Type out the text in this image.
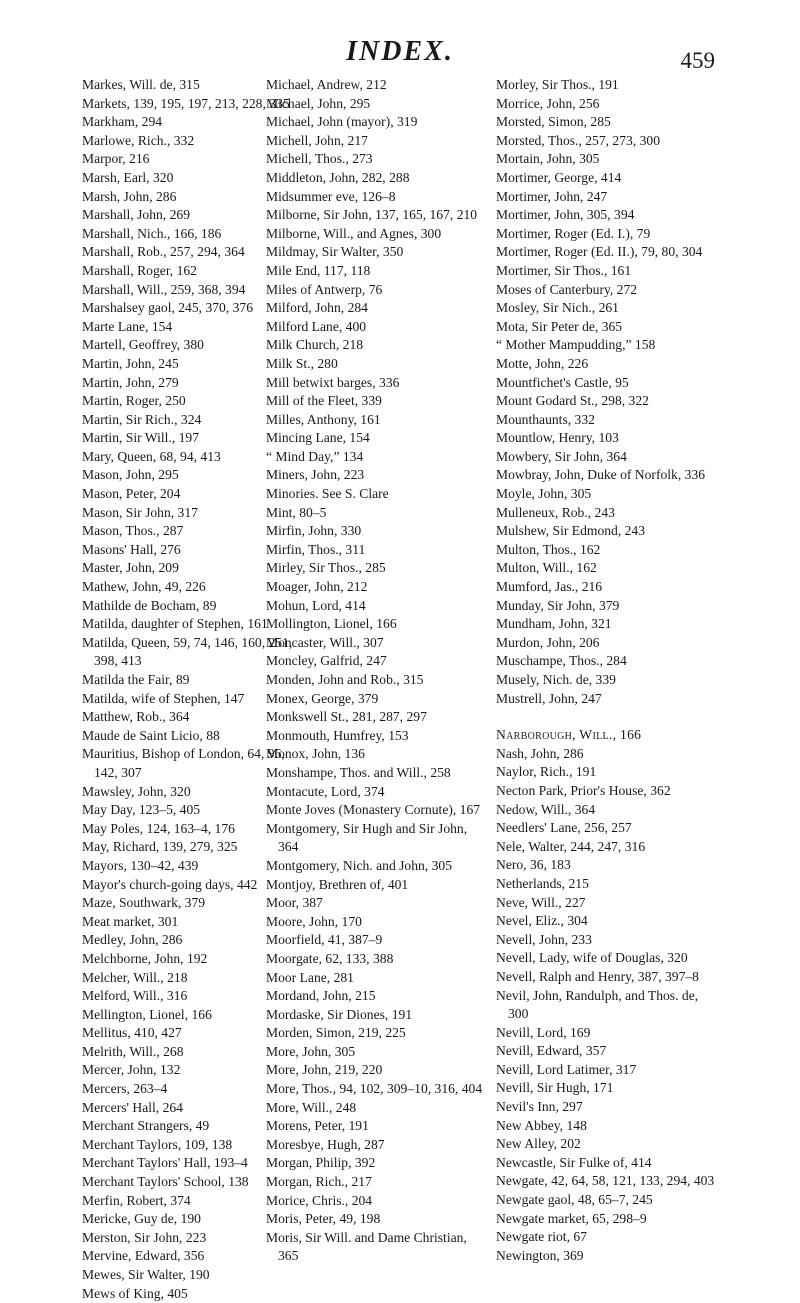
INDEX.	459
Markes, Will. de, 315
Markets, 139, 195, 197, 213, 228, 335
Markham, 294
Marlowe, Rich., 332
Marpor, 216
Marsh, Earl, 320
Marsh, John, 286
Marshall, John, 269
Marshall, Nich., 166, 186
Marshall, Rob., 257, 294, 364
Marshall, Roger, 162
Marshall, Will., 259, 368, 394
Marshalsey gaol, 245, 370, 376
Marte Lane, 154
Martell, Geoffrey, 380
Martin, John, 245
Martin, John, 279
Martin, Roger, 250
Martin, Sir Rich., 324
Martin, Sir Will., 197
Mary, Queen, 68, 94, 413
Mason, John, 295
Mason, Peter, 204
Mason, Sir John, 317
Mason, Thos., 287
Masons' Hall, 276
Master, John, 209
Mathew, John, 49, 226
Mathilde de Bocham, 89
Matilda, daughter of Stephen, 161
Matilda, Queen, 59, 74, 146, 160, 251, 398, 413
Matilda the Fair, 89
Matilda, wife of Stephen, 147
Matthew, Rob., 364
Maude de Saint Licio, 88
Mauritius, Bishop of London, 64, 96, 142, 307
Mawsley, John, 320
May Day, 123–5, 405
May Poles, 124, 163–4, 176
May, Richard, 139, 279, 325
Mayors, 130–42, 439
Mayor's church-going days, 442
Maze, Southwark, 379
Meat market, 301
Medley, John, 286
Melchborne, John, 192
Melcher, Will., 218
Melford, Will., 316
Mellington, Lionel, 166
Mellitus, 410, 427
Melrith, Will., 268
Mercer, John, 132
Mercers, 263–4
Mercers' Hall, 264
Merchant Strangers, 49
Merchant Taylors, 109, 138
Merchant Taylors' Hall, 193–4
Merchant Taylors' School, 138
Merfin, Robert, 374
Mericke, Guy de, 190
Merston, Sir John, 223
Mervine, Edward, 356
Mewes, Sir Walter, 190
Mews of King, 405
Michael, Andrew, 212
Michael, John, 295
Michael, John (mayor), 319
Michell, John, 217
Michell, Thos., 273
Middleton, John, 282, 288
Midsummer eve, 126–8
Milborne, Sir John, 137, 165, 167, 210
Milborne, Will., and Agnes, 300
Mildmay, Sir Walter, 350
Mile End, 117, 118
Miles of Antwerp, 76
Milford, John, 284
Milford Lane, 400
Milk Church, 218
Milk St., 280
Mill betwixt barges, 336
Mill of the Fleet, 339
Milles, Anthony, 161
Mincing Lane, 154
“ Mind Day,” 134
Miners, John, 223
Minories. See S. Clare
Mint, 80–5
Mirfin, John, 330
Mirfin, Thos., 311
Mirley, Sir Thos., 285
Moager, John, 212
Mohun, Lord, 414
Mollington, Lionel, 166
Moncaster, Will., 307
Moncley, Galfrid, 247
Monden, John and Rob., 315
Monex, George, 379
Monkswell St., 281, 287, 297
Monmouth, Humfrey, 153
Monox, John, 136
Monshampe, Thos. and Will., 258
Montacute, Lord, 374
Monte Joves (Monastery Cornute), 167
Montgomery, Sir Hugh and Sir John, 364
Montgomery, Nich. and John, 305
Montjoy, Brethren of, 401
Moor, 387
Moore, John, 170
Moorfield, 41, 387–9
Moorgate, 62, 133, 388
Moor Lane, 281
Mordand, John, 215
Mordaske, Sir Diones, 191
Morden, Simon, 219, 225
More, John, 305
More, John, 219, 220
More, Thos., 94, 102, 309–10, 316, 404
More, Will., 248
Morens, Peter, 191
Moresbye, Hugh, 287
Morgan, Philip, 392
Morgan, Rich., 217
Morice, Chris., 204
Moris, Peter, 49, 198
Moris, Sir Will. and Dame Christian, 365
Morley, Sir Thos., 191
Morrice, John, 256
Morsted, Simon, 285
Morsted, Thos., 257, 273, 300
Mortain, John, 305
Mortimer, George, 414
Mortimer, John, 247
Mortimer, John, 305, 394
Mortimer, Roger (Ed. I.), 79
Mortimer, Roger (Ed. II.), 79, 80, 304
Mortimer, Sir Thos., 161
Moses of Canterbury, 272
Mosley, Sir Nich., 261
Mota, Sir Peter de, 365
“ Mother Mampudding,” 158
Motte, John, 226
Mountfichet's Castle, 95
Mount Godard St., 298, 322
Mounthaunts, 332
Mountlow, Henry, 103
Mowbery, Sir John, 364
Mowbray, John, Duke of Norfolk, 336
Moyle, John, 305
Mulleneux, Rob., 243
Mulshew, Sir Edmond, 243
Multon, Thos., 162
Multon, Will., 162
Mumford, Jas., 216
Munday, Sir John, 379
Mundham, John, 321
Murdon, John, 206
Muschampe, Thos., 284
Musely, Nich. de, 339
Mustrell, John, 247
Narborough, Will., 166
Nash, John, 286
Naylor, Rich., 191
Necton Park, Prior's House, 362
Nedow, Will., 364
Needlers' Lane, 256, 257
Nele, Walter, 244, 247, 316
Nero, 36, 183
Netherlands, 215
Neve, Will., 227
Nevel, Eliz., 304
Nevell, John, 233
Nevell, Lady, wife of Douglas, 320
Nevell, Ralph and Henry, 387, 397–8
Nevil, John, Randulph, and Thos. de, 300
Nevill, Lord, 169
Nevill, Edward, 357
Nevill, Lord Latimer, 317
Nevill, Sir Hugh, 171
Nevil's Inn, 297
New Abbey, 148
New Alley, 202
Newcastle, Sir Fulke of, 414
Newgate, 42, 64, 58, 121, 133, 294, 403
Newgate gaol, 48, 65–7, 245
Newgate market, 65, 298–9
Newgate riot, 67
Newington, 369
